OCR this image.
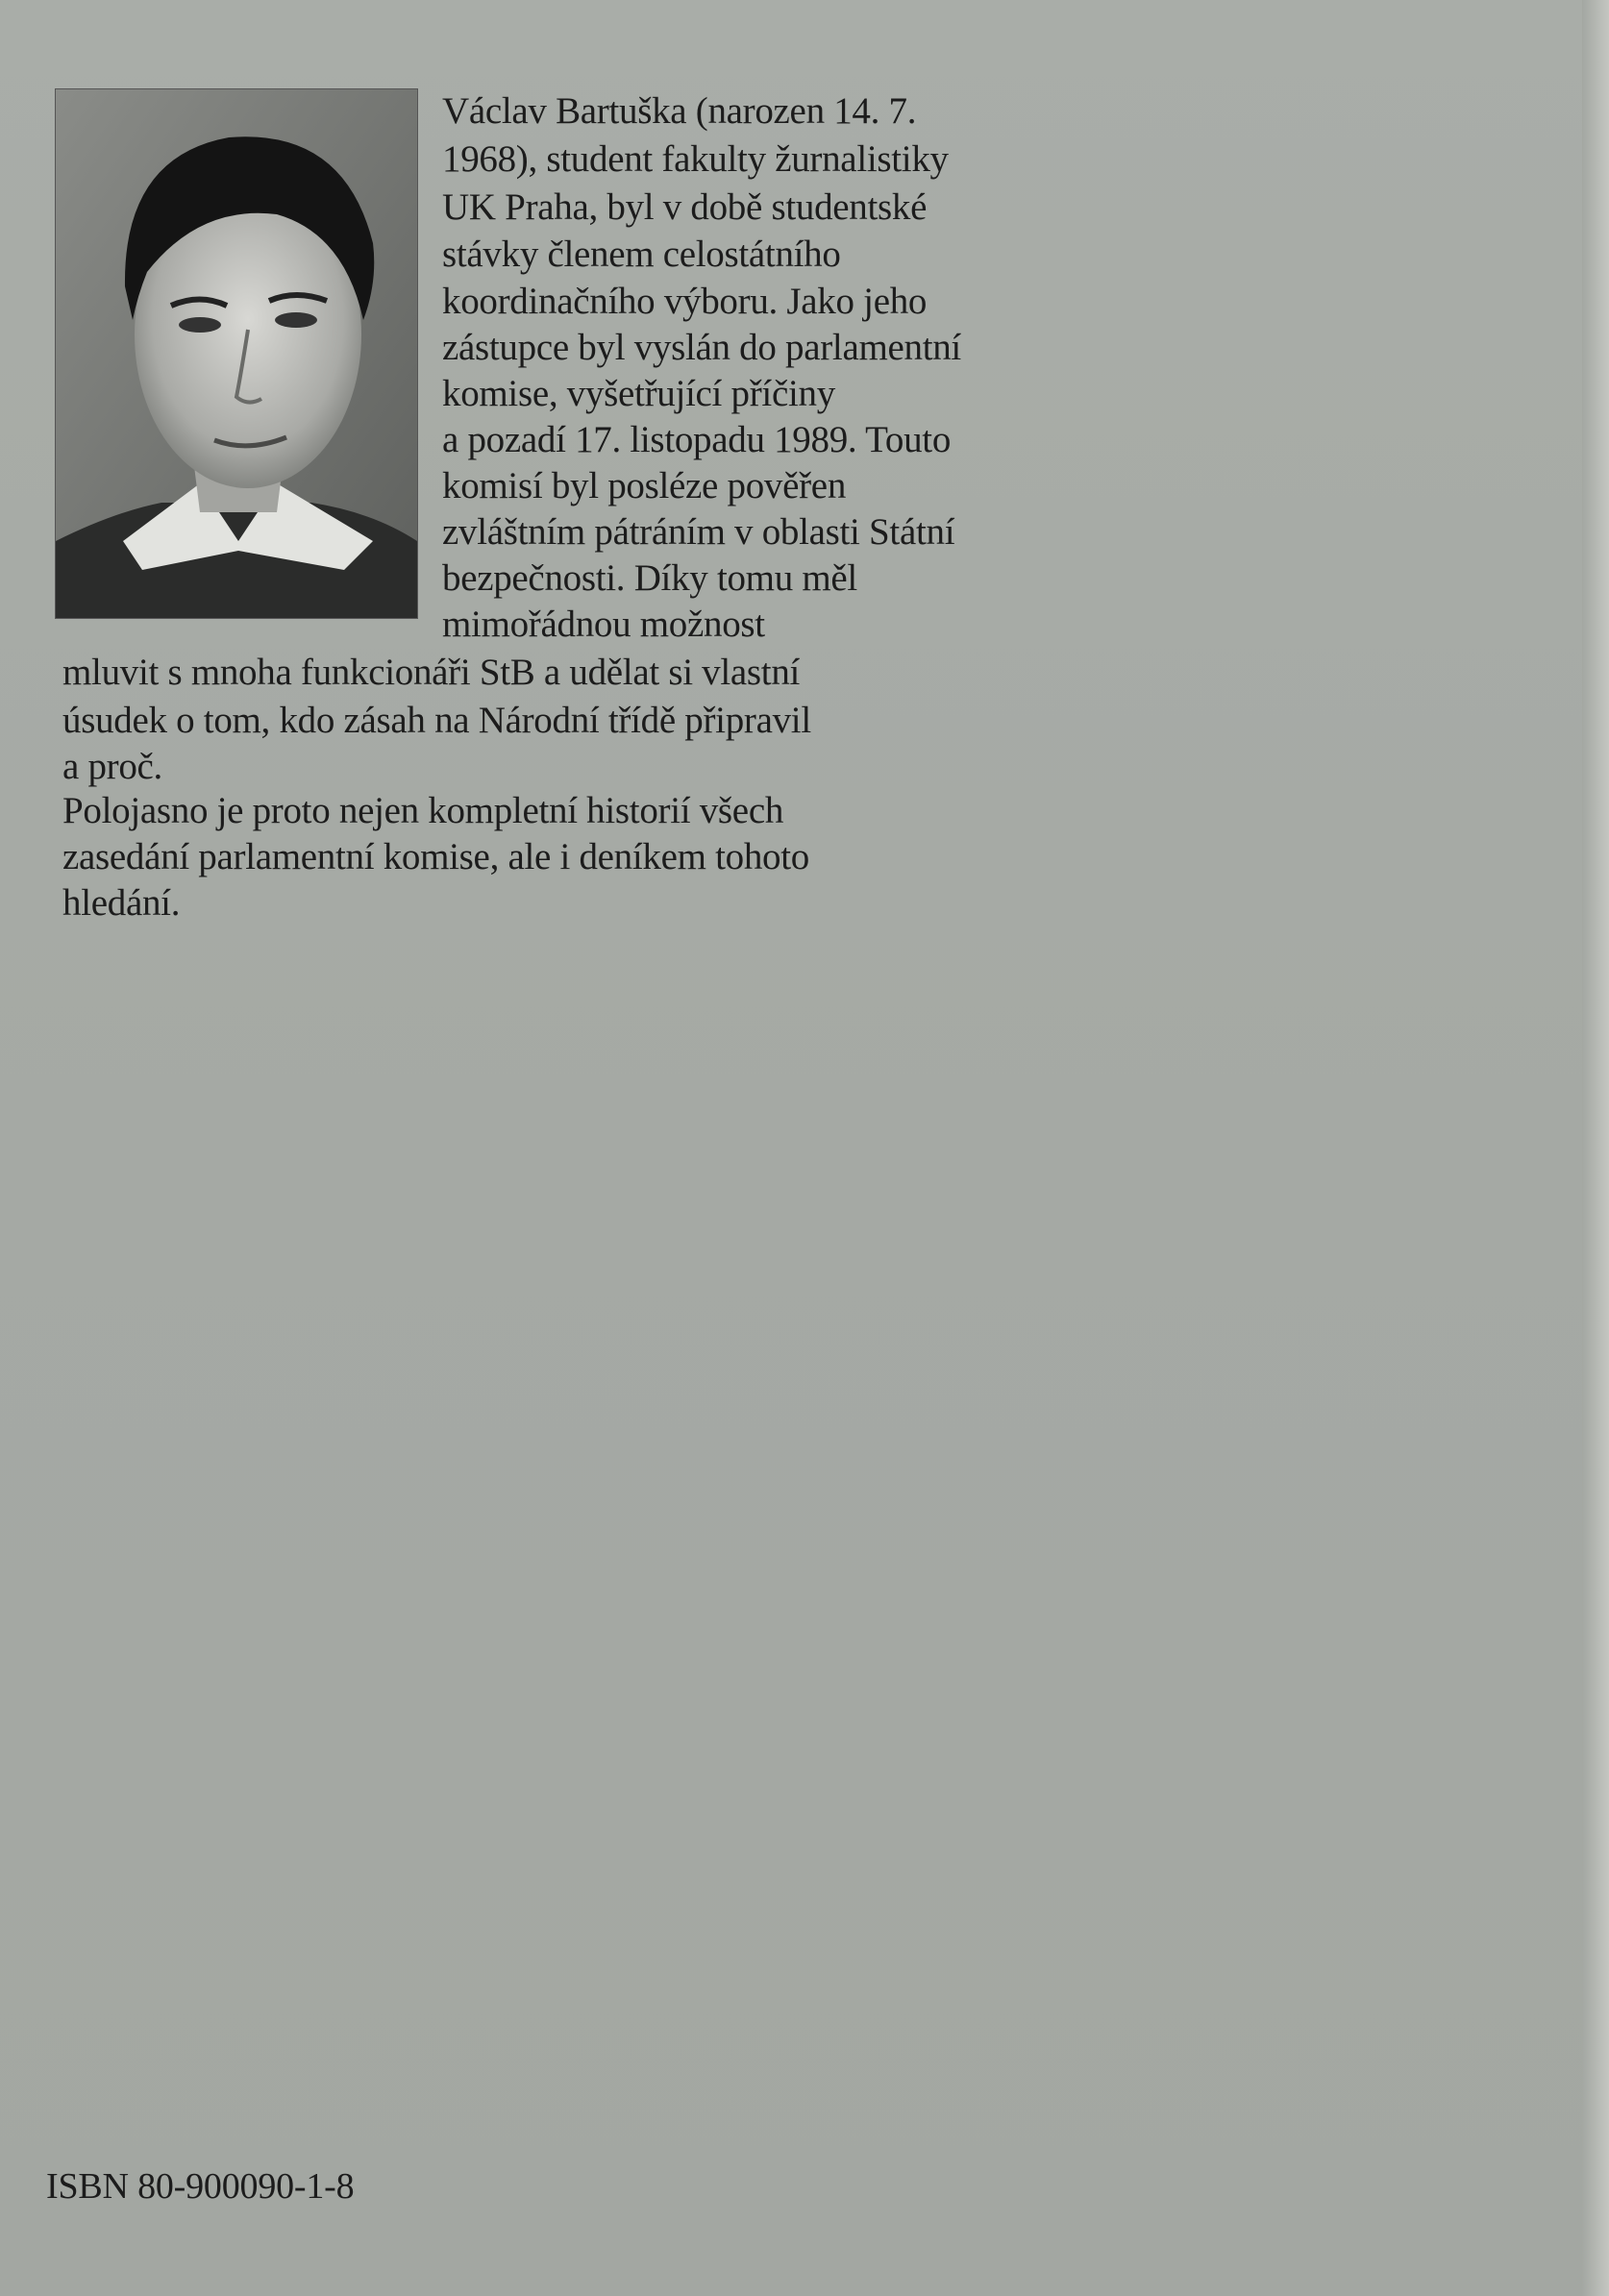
Václav Bartuška (narozen 14. 7.
1968), student fakulty žurnalistiky
UK Praha, byl v době studentské
stávky členem celostátního
koordinačního výboru. Jako jeho
zástupce byl vyslán do parlamentní
komise, vyšetřující příčiny
a pozadí 17. listopadu 1989. Touto
komisí byl posléze pověřen
zvláštním pátráním v oblasti Státní
bezpečnosti. Díky tomu měl
mimořádnou možnost
mluvit s mnoha funkcionáři StB a udělat si vlastní
úsudek o tom, kdo zásah na Národní třídě připravil
a proč.
Polojasno je proto nejen kompletní historií všech
zasedání parlamentní komise, ale i deníkem tohoto
hledání.
ISBN 80-900090-1-8
